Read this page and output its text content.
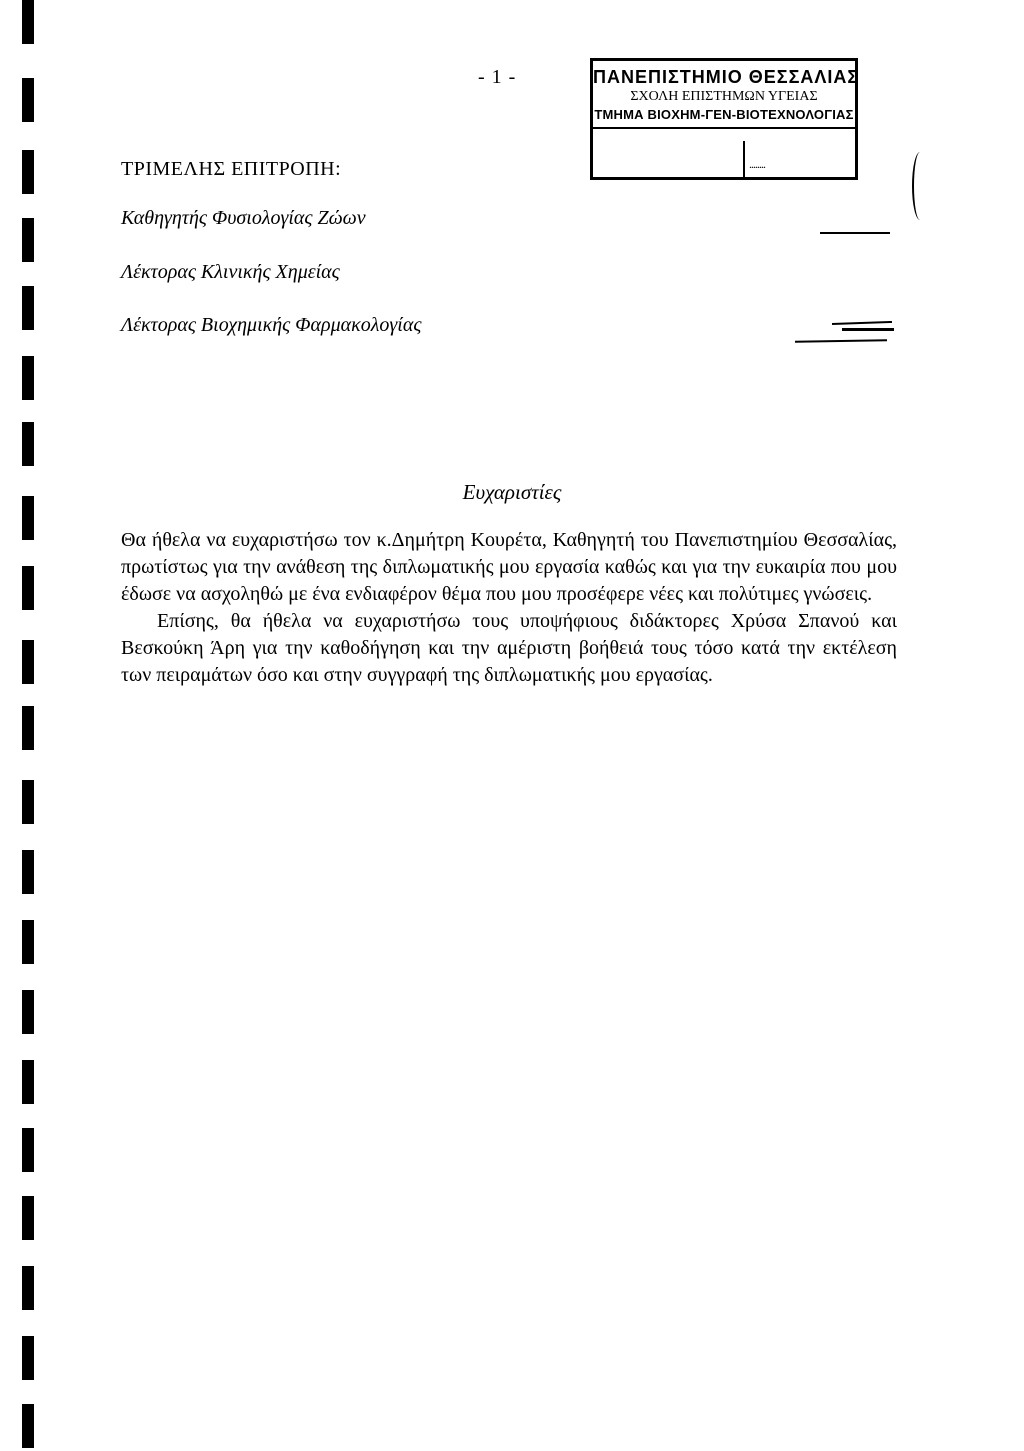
- 1 -	ΠΑΝΕΠΙΣΤΗΜΙΟ ΘΕΣΣΑΛΙΑΣ
ΣΧΟΛΗ ΕΠΙΣΤΗΜΩΝ ΥΓΕΙΑΣ
ΤΜΗΜΑ ΒΙΟΧΗΜ-ΓΕΝ-ΒΙΟΤΕΧΝΟΛΟΓΙΑΣ
........
ΤΡΙΜΕΛΗΣ ΕΠΙΤΡΟΠΗ:
Καθηγητής Φυσιολογίας Ζώων
Λέκτορας Κλινικής Χημείας
Λέκτορας Βιοχημικής Φαρμακολογίας
Ευχαριστίες

Θα ήθελα να ευχαριστήσω τον κ.Δημήτρη Κουρέτα, Καθηγητή του Πανεπιστημίου Θεσσαλίας, πρωτίστως για την ανάθεση της διπλωματικής μου εργασία καθώς και για την ευκαιρία που μου έδωσε να ασχοληθώ με ένα ενδιαφέρον θέμα που μου προσέφερε νέες και πολύτιμες γνώσεις.

Επίσης, θα ήθελα να ευχαριστήσω τους υποψήφιους διδάκτορες Χρύσα Σπανού και Βεσκούκη Άρη για την καθοδήγηση και την αμέριστη βοήθειά τους τόσο κατά την εκτέλεση των πειραμάτων όσο και στην συγγραφή της διπλωματικής μου εργασίας.
